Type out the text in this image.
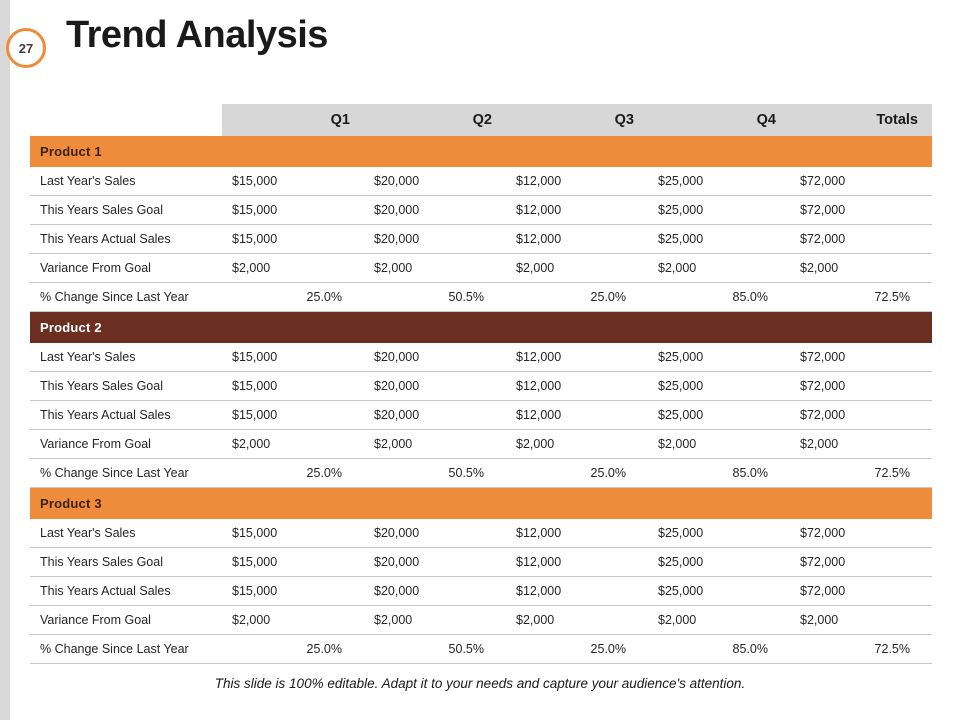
27 Trend Analysis
	Q1	Q2	Q3	Q4	Totals
Product 1					
Last Year's Sales	$15,000	$20,000	$12,000	$25,000	$72,000
This Years Sales Goal	$15,000	$20,000	$12,000	$25,000	$72,000
This Years Actual Sales	$15,000	$20,000	$12,000	$25,000	$72,000
Variance From Goal	$2,000	$2,000	$2,000	$2,000	$2,000
% Change Since Last Year	25.0%	50.5%	25.0%	85.0%	72.5%
Product 2					
Last Year's Sales	$15,000	$20,000	$12,000	$25,000	$72,000
This Years Sales Goal	$15,000	$20,000	$12,000	$25,000	$72,000
This Years Actual Sales	$15,000	$20,000	$12,000	$25,000	$72,000
Variance From Goal	$2,000	$2,000	$2,000	$2,000	$2,000
% Change Since Last Year	25.0%	50.5%	25.0%	85.0%	72.5%
Product 3					
Last Year's Sales	$15,000	$20,000	$12,000	$25,000	$72,000
This Years Sales Goal	$15,000	$20,000	$12,000	$25,000	$72,000
This Years Actual Sales	$15,000	$20,000	$12,000	$25,000	$72,000
Variance From Goal	$2,000	$2,000	$2,000	$2,000	$2,000
% Change Since Last Year	25.0%	50.5%	25.0%	85.0%	72.5%
This slide is 100% editable. Adapt it to your needs and capture your audience's attention.
